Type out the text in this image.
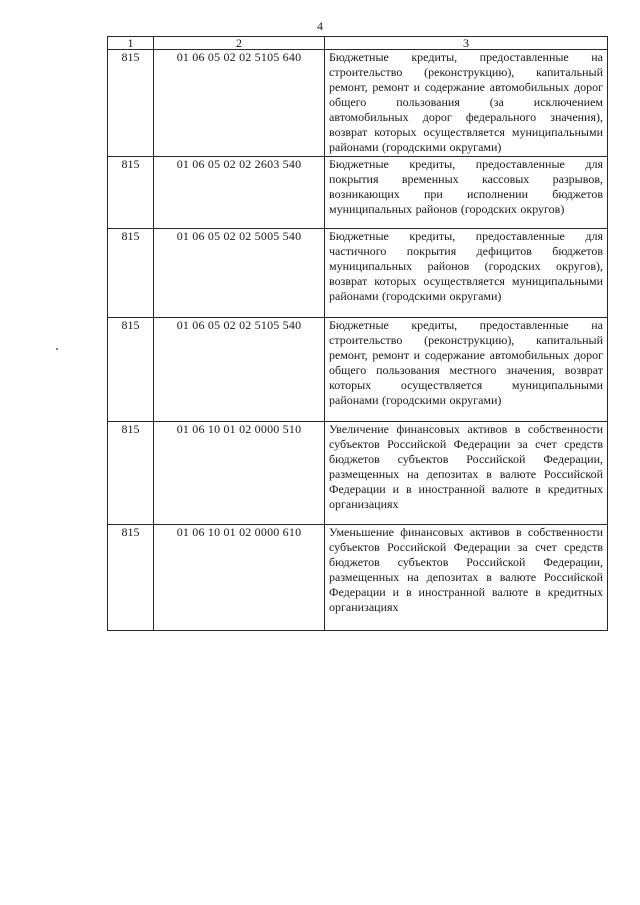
4
1	2	3
815	01 06 05 02 02 5105 640	Бюджетные кредиты, предоставленные на строительство (реконструкцию), капитальный ремонт, ремонт и содержание автомобильных дорог общего пользования (за исключением автомобильных дорог федерального значения), возврат которых осуществляется муниципальными районами (городскими округами)
815	01 06 05 02 02 2603 540	Бюджетные кредиты, предоставленные для покрытия временных кассовых разрывов, возникающих при исполнении бюджетов муниципальных районов (городских округов)
815	01 06 05 02 02 5005 540	Бюджетные кредиты, предоставленные для частичного покрытия дефицитов бюджетов муниципальных районов (городских округов), возврат которых осуществляется муниципальными районами (городскими округами)
815	01 06 05 02 02 5105 540	Бюджетные кредиты, предоставленные на строительство (реконструкцию), капитальный ремонт, ремонт и содержание автомобильных дорог общего пользования местного значения, возврат которых осуществляется муниципальными районами (городскими округами)
815	01 06 10 01 02 0000 510	Увеличение финансовых активов в собственности субъектов Российской Федерации за счет средств бюджетов субъектов Российской Федерации, размещенных на депозитах в валюте Российской Федерации и в иностранной валюте в кредитных организациях
815	01 06 10 01 02 0000 610	Уменьшение финансовых активов в собственности субъектов Российской Федерации за счет средств бюджетов субъектов Российской Федерации, размещенных на депозитах в валюте Российской Федерации и в иностранной валюте в кредитных организациях
